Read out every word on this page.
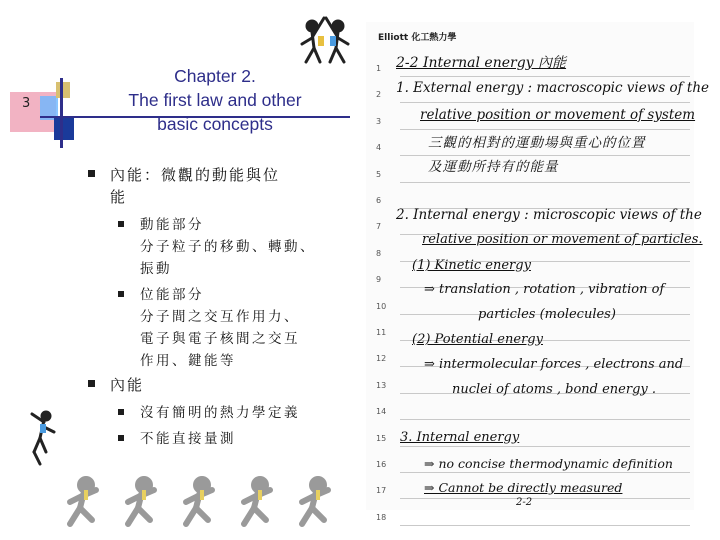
3
Chapter 2.
The first law and other
basic concepts
內能：微觀的動能與位
能
動能部分
分子粒子的移動、轉動、
振動
位能部分
分子間之交互作用力、
電子與電子核間之交互
作用、鍵能等
內能
沒有簡明的熱力學定義
不能直接量測
Elliott 化工熱力學
1
2
3
4
5
6
7
8
9
10
11
12
13
14
15
16
17
18
2-2 Internal energy 內能
1. External energy : macroscopic views of the
relative position or movement of system
三觀的相對的運動場與重心的位置
及運動所持有的能量
2. Internal energy : microscopic views of the
relative position or movement of particles.
(1) Kinetic energy
⇒ translation , rotation , vibration of
particles (molecules)
(2) Potential energy
⇒ intermolecular forces , electrons and
nuclei of atoms , bond energy .
3. Internal energy
⇒ no concise thermodynamic definition
⇒ Cannot be directly measured
2-2
